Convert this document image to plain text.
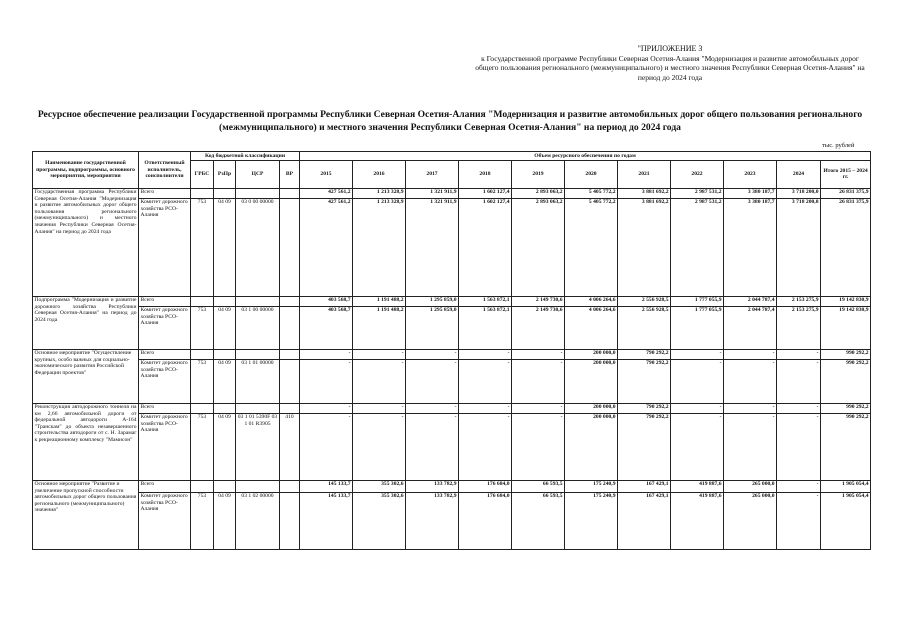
"ПРИЛОЖЕНИЕ 3
к Государственной программе Республики Северная Осетия-Алания "Модернизация и развитие автомобильных дорог общего пользования регионального (межмуниципального) и местного значения Республики Северная Осетия-Алания" на период до 2024 года
Ресурсное обеспечение реализации Государственной программы Республики Северная Осетия-Алания "Модернизация и развитие автомобильных дорог общего пользования регионального (межмуниципального) и местного значения Республики Северная Осетия-Алания" на период до 2024 года
тыс. рублей
Наименование государственной программы, подпрограммы, основного мероприятия, мероприятия	Ответственный исполнитель, соисполнители	Код бюджетной классификации				Объем ресурсного обеспечения по годам										
		ГРБС	РзПр	ЦСР	ВР	2015	2016	2017	2018	2019	2020	2021	2022	2023	2024	Итого 2015 – 2024 гг.
Государственная программа Республики Северная Осетия-Алания "Модернизация и развитие автомобильных дорог общего пользования регионального (межмуниципального) и местного значения Республики Северная Осетия-Алания" на период до 2024 года	Всего					427 561,2	1 213 328,9	1 321 911,9	1 602 127,4	2 893 063,2	5 405 772,2	3 881 692,2	2 987 531,2	3 380 187,7	3 718 200,0	26 831 375,9
	Комитет дорожного хозяйства РСО-Алания	753	04 09	03 0 00 00000		427 561,2	1 213 328,9	1 321 911,9	1 602 127,4	2 893 063,2	5 405 772,2	3 881 692,2	2 987 531,2	3 380 187,7	3 718 200,0	26 831 375,9
Подпрограмма "Модернизация и развитие дорожного хозяйства Республики Северная Осетия-Алания" на период до 2024 года	Всего					403 568,7	1 191 488,2	1 295 859,0	1 563 872,1	2 149 730,6	4 006 264,6	2 556 928,5	1 777 055,9	2 044 787,4	2 153 275,9	19 142 830,9
	Комитет дорожного хозяйства РСО-Алания	753	04 09	03 1 00 00000		403 568,7	1 191 488,2	1 295 859,0	1 563 872,1	2 149 730,6	4 006 264,6	2 556 928,5	1 777 055,9	2 044 787,4	2 153 275,9	19 142 830,9
Основное мероприятие "Осуществление крупных, особо важных для социально-экономического развития Российской Федерации проектов"	Всего					-	-	-	-	-	200 000,0	790 292,2	-	-	-	990 292,2
	Комитет дорожного хозяйства РСО-Алания	753	04 09	03 1 01 00000		-	-	-	-	-	200 000,0	790 292,2	-	-	-	990 292,2
Реконструкция автодорожного тоннеля на км 2,66 автомобильной дороги от федеральной автодороги А-164 "Транскам" до объекта незавершенного строительства автодороги от с. Н. Зарамаг к рекреационному комплексу "Мамисон"	Всего					-	-	-	-	-	200 000,0	790 292,2	-	-	-	990 292,2
	Комитет дорожного хозяйства РСО-Алания	753	04 09	03 1 01 5390F 03 1 01 R3905	410	-	-	-	-	-	200 000,0	790 292,2	-	-	-	990 292,2
Основное мероприятие "Развитие и увеличение пропускной способности автомобильных дорог общего пользования регионального (межмуниципального) значения"	Всего					145 133,7	355 302,6	133 782,9	176 684,0	66 593,5	175 240,9	167 429,1	419 887,6	265 000,0	-	1 905 054,4
	Комитет дорожного хозяйства РСО-Алания	753	04 09	03 1 02 00000		145 133,7	355 302,6	133 782,9	176 684,0	66 593,5	175 240,9	167 429,1	419 887,6	265 000,0	-	1 905 054,4
